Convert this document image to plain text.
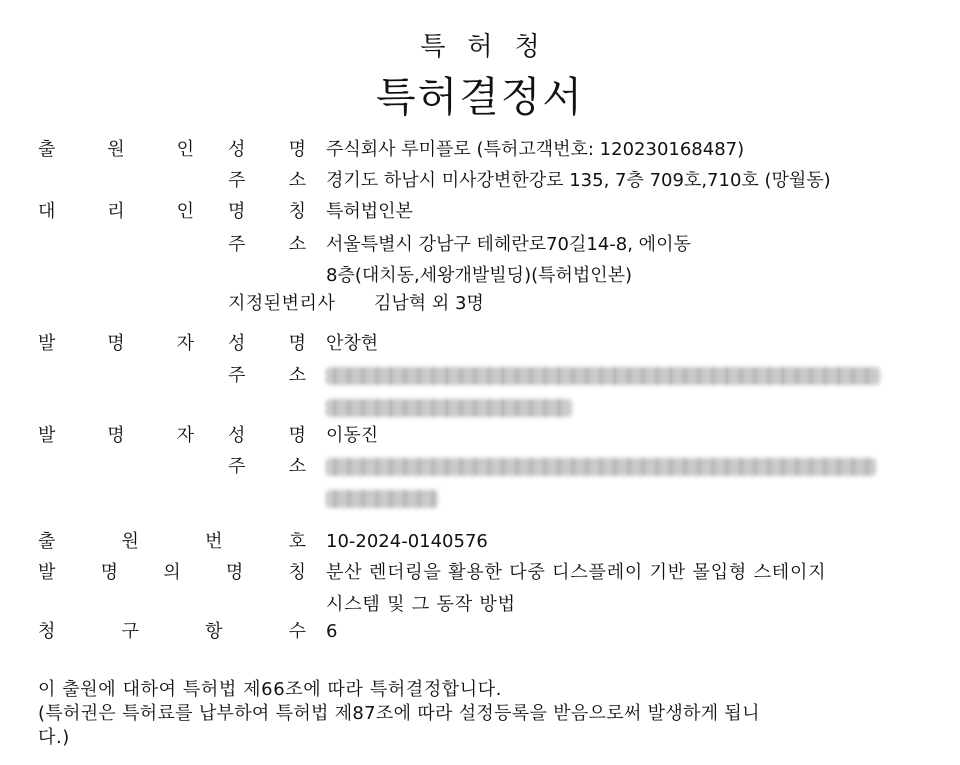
특허청
특허결정서
출	원	인 성 명 주식회사 루미플로 (특허고객번호: 120230168487)
주 소 경기도 하남시 미사강변한강로 135, 7층 709호,710호 (망월동)
대	리	인 명 칭 특허법인본
주 소 서울특별시 강남구 테헤란로70길14-8, 에이동
8층(대치동,세왕개발빌딩)(특허법인본)
지정된변리사	김남혁 외 3명
발	명	자 성 명 안창현
주 소
발	명	자 성 명 이동진
주 소
출	원	번	호 10-2024-0140576
발	명	의	명	칭 분산 렌더링을 활용한 다중 디스플레이 기반 몰입형 스테이지
시스템 및 그 동작 방법
청	구	항	수 6
이 출원에 대하여 특허법 제66조에 따라 특허결정합니다.
(특허권은 특허료를 납부하여 특허법 제87조에 따라 설정등록을 받음으로써 발생하게 됩니
다.)
